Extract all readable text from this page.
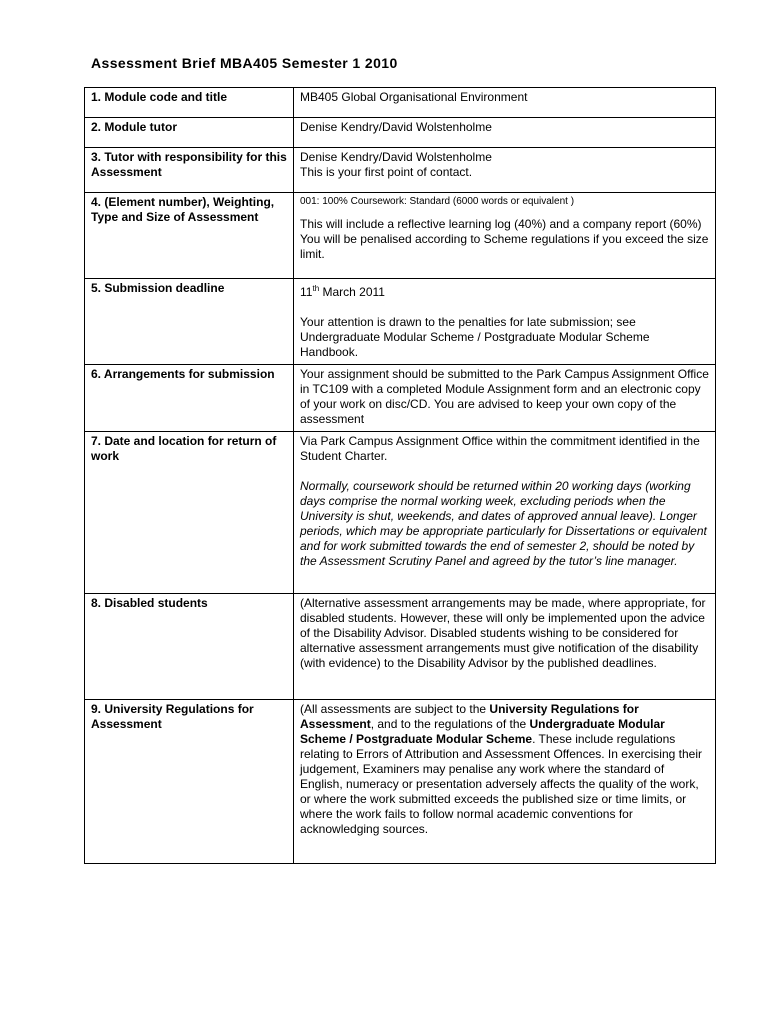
Assessment Brief MBA405 Semester 1 2010
1. Module code and title	MB405 Global Organisational Environment
2. Module tutor	Denise Kendry/David Wolstenholme
3. Tutor with responsibility for this Assessment	Denise Kendry/David Wolstenholme
This is your first point of contact.

4. (Element number), Weighting, Type and Size of Assessment	001: 100% Coursework: Standard (6000 words or equivalent )
This will include a reflective learning log (40%) and a company report (60%)
You will be penalised according to Scheme regulations if you exceed the size limit.

5. Submission deadline	11th March 2011
Your attention is drawn to the penalties for late submission; see Undergraduate Modular Scheme / Postgraduate Modular Scheme Handbook.

6. Arrangements for submission	Your assignment should be submitted to the Park Campus Assignment Office in TC109 with a completed Module Assignment form and an electronic copy of your work on disc/CD. You are advised to keep your own copy of the assessment
7. Date and location for return of work	Via Park Campus Assignment Office within the commitment identified in the Student Charter.
Normally, coursework should be returned within 20 working days (working days comprise the normal working week, excluding periods when the University is shut, weekends, and dates of approved annual leave). Longer periods, which may be appropriate particularly for Dissertations or equivalent and for work submitted towards the end of semester 2, should be noted by the Assessment Scrutiny Panel and agreed by the tutor’s line manager.

8. Disabled students	(Alternative assessment arrangements may be made, where appropriate, for disabled students. However, these will only be implemented upon the advice of the Disability Advisor. Disabled students wishing to be considered for alternative assessment arrangements must give notification of the disability (with evidence) to the Disability Advisor by the published deadlines.
9. University Regulations for Assessment	(All assessments are subject to the University Regulations for Assessment, and to the regulations of the Undergraduate Modular Scheme / Postgraduate Modular Scheme. These include regulations relating to Errors of Attribution and Assessment Offences. In exercising their judgement, Examiners may penalise any work where the standard of English, numeracy or presentation adversely affects the quality of the work, or where the work submitted exceeds the published size or time limits, or where the work fails to follow normal academic conventions for acknowledging sources.
